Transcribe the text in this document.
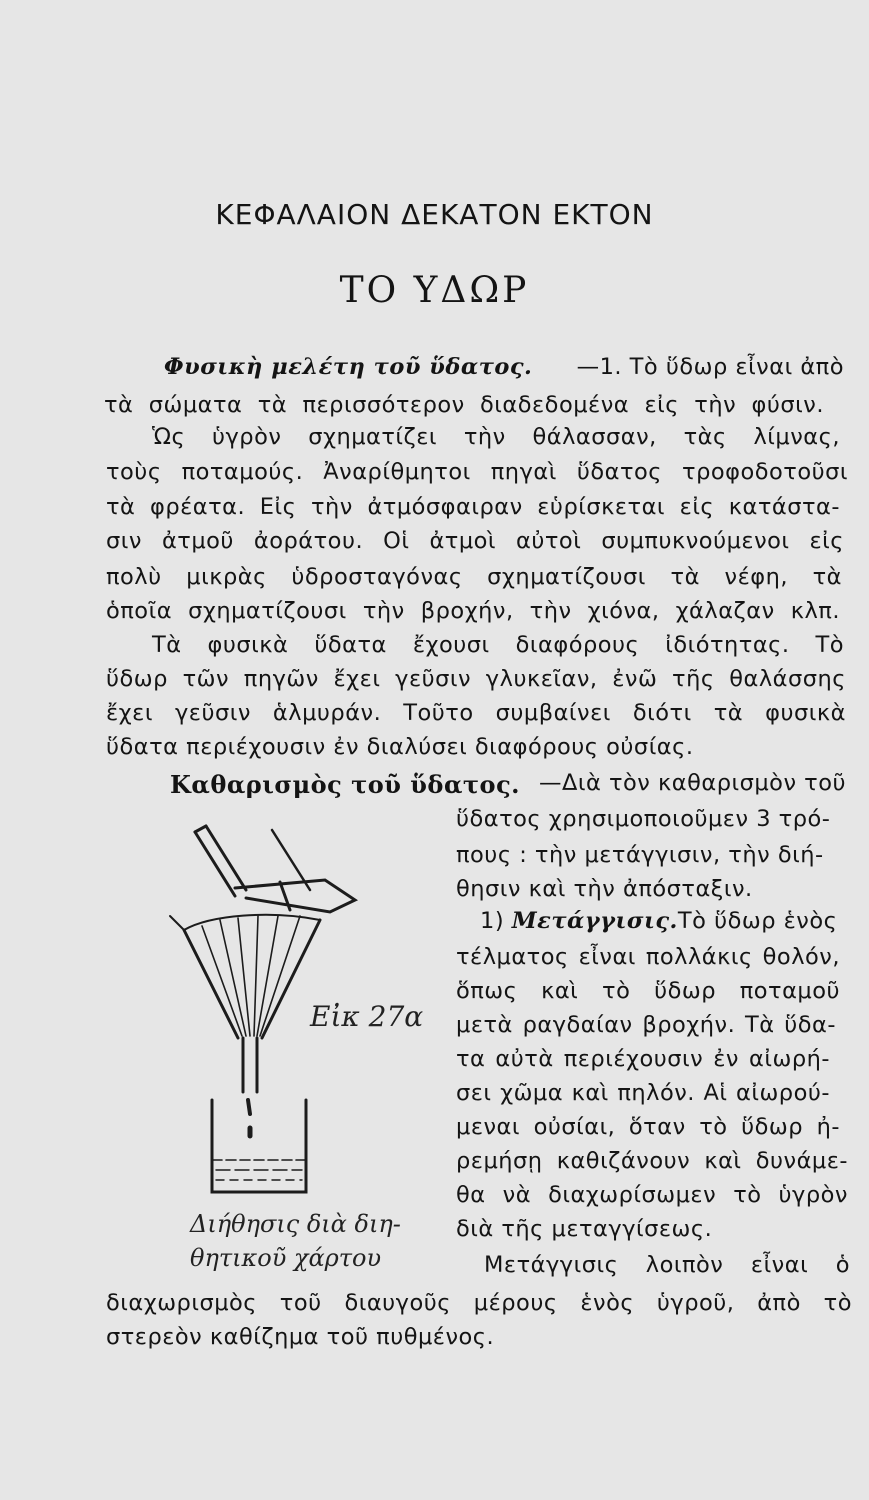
ΚΕΦΑΛΑΙΟΝ ΔΕΚΑΤΟΝ ΕΚΤΟΝ
ΤΟ ΥΔΩΡ
Φυσικὴ μελέτη τοῦ ὕδατος. —1. Τὸ ὕδωρ εἶναι ἀπὸ
τὰ σώματα τὰ περισσότερον διαδεδομένα εἰς τὴν φύσιν.
Ὡς ὑγρὸν σχηματίζει τὴν θάλασσαν, τὰς λίμνας,
τοὺς ποταμούς. Ἀναρίθμητοι πηγαὶ ὕδατος τροφοδοτοῦσι
τὰ φρέατα. Εἰς τὴν ἀτμόσφαιραν εὑρίσκεται εἰς κατάστα-
σιν ἀτμοῦ ἀοράτου. Οἱ ἀτμοὶ αὐτοὶ συμπυκνούμενοι εἰς
πολὺ μικρὰς ὑδροσταγόνας σχηματίζουσι τὰ νέφη, τὰ
ὁποῖα σχηματίζουσι τὴν βροχήν, τὴν χιόνα, χάλαζαν κλπ.
Τὰ φυσικὰ ὕδατα ἔχουσι διαφόρους ἰδιότητας. Τὸ
ὕδωρ τῶν πηγῶν ἔχει γεῦσιν γλυκεῖαν, ἐνῶ τῆς θαλάσσης
ἔχει γεῦσιν ἁλμυράν. Τοῦτο συμβαίνει διότι τὰ φυσικὰ
ὕδατα περιέχουσιν ἐν διαλύσει διαφόρους οὐσίας.
Καθαρισμὸς τοῦ ὕδατος. —Διὰ τὸν καθαρισμὸν τοῦ
ὕδατος χρησιμοποιοῦμεν 3 τρό-
πους : τὴν μετάγγισιν, τὴν διή-
θησιν καὶ τὴν ἀπόσταξιν.
1) Μετάγγισις. Τὸ ὕδωρ ἑνὸς
τέλματος εἶναι πολλάκις θολόν,
ὅπως καὶ τὸ ὕδωρ ποταμοῦ
μετὰ ραγδαίαν βροχήν. Τὰ ὕδα-
τα αὐτὰ περιέχουσιν ἐν αἰωρή-
σει χῶμα καὶ πηλόν. Αἱ αἰωρού-
μεναι οὐσίαι, ὅταν τὸ ὕδωρ ἠ-
ρεμήσῃ καθιζάνουν καὶ δυνάμε-
θα νὰ διαχωρίσωμεν τὸ ὑγρὸν
διὰ τῆς μεταγγίσεως.
Μετάγγισις λοιπὸν εἶναι ὁ
διαχωρισμὸς τοῦ διαυγοῦς μέρους ἑνὸς ὑγροῦ, ἀπὸ τὸ
στερεὸν καθίζημα τοῦ πυθμένος.
Εἰκ 27α
Διήθησις διὰ διη-
θητικοῦ χάρτου
